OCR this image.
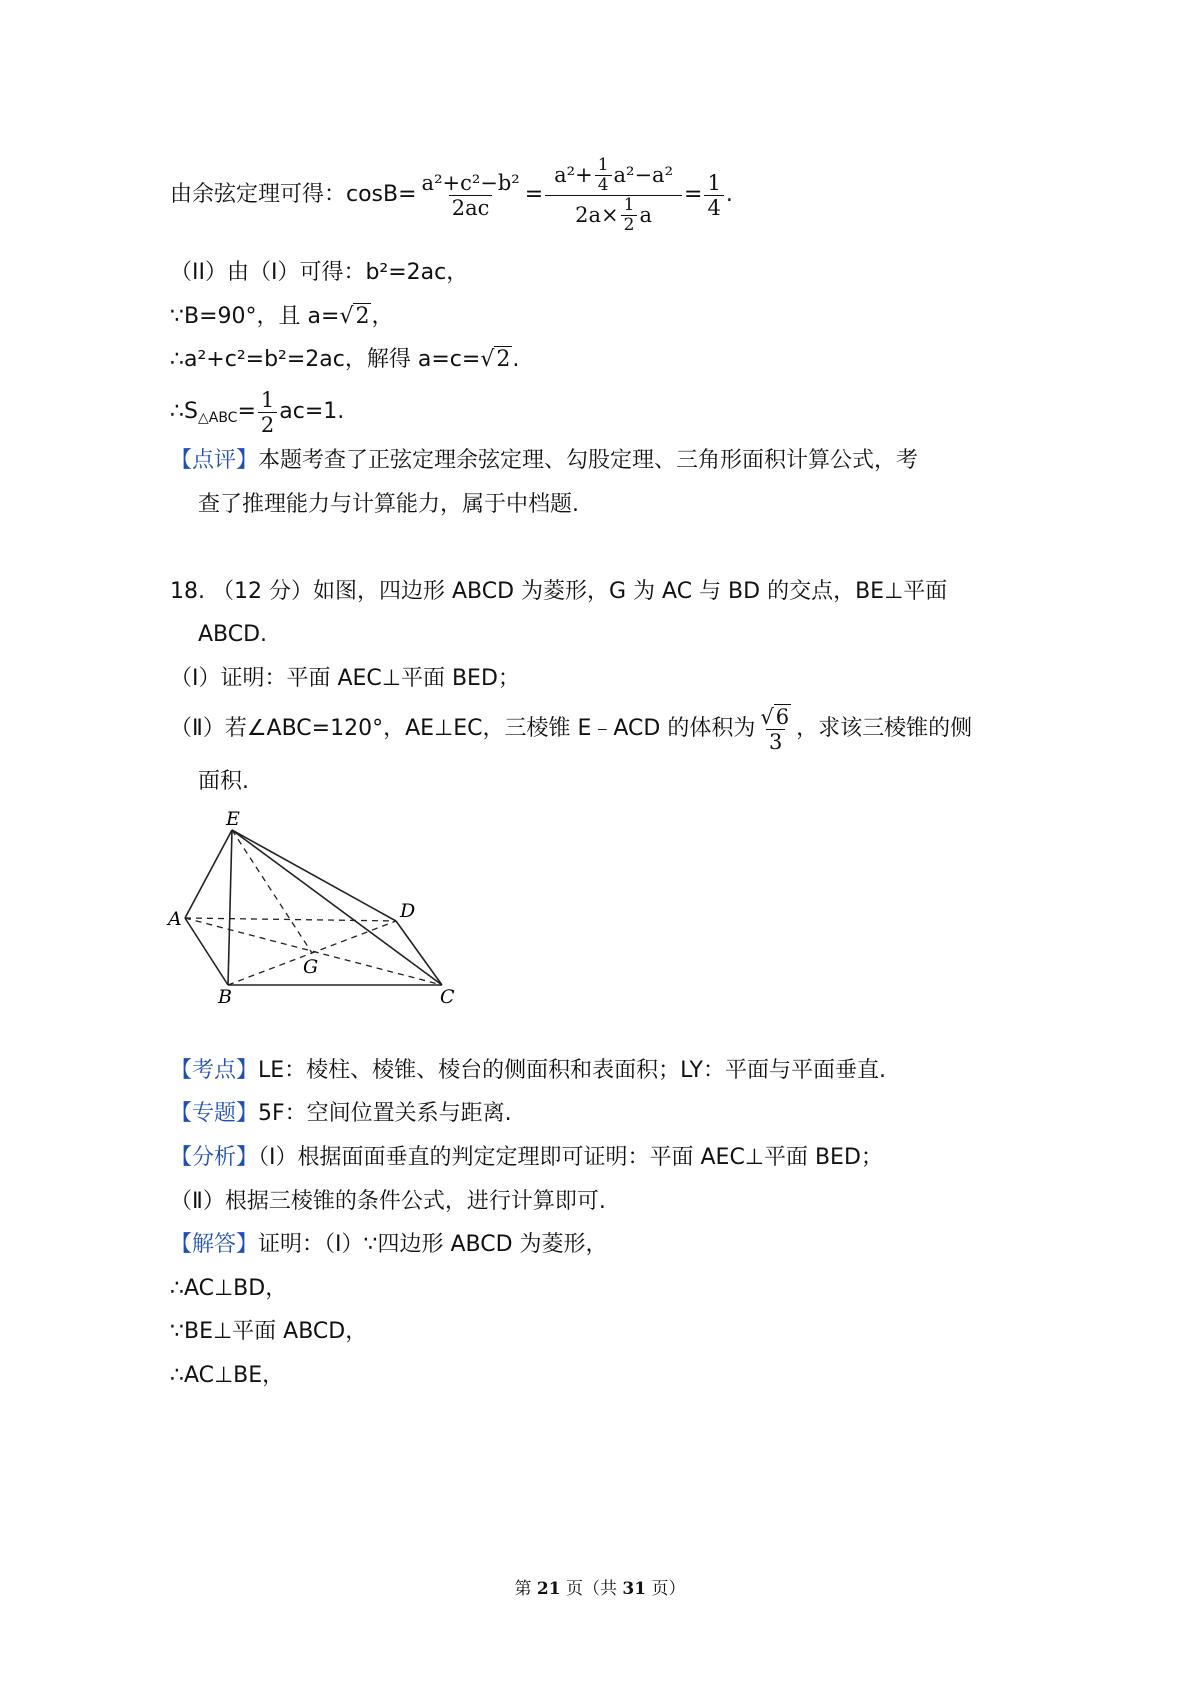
由余弦定理可得：$\cos B= \frac{\text{a²+c²−b²}}{2ac} = \frac{a^2+ \frac{1}{4} a^2-a^2}{2a\times \frac{1}{2} a} = \frac{1}{4}$ .
（II）由（I）可得：b²=2ac，
∵B=90°，且 a=√2，
∴a²+c²=b²=2ac，解得 a=c=√2.
∴S △ABC = $\frac{1}{2} ac=1$.
【点评】本题考查了正弦定理余弦定理、勾股定理、三角形面积计算公式，考
查了推理能力与计算能力，属于中档题.
18. （12 分）如图，四边形 ABCD 为菱形，G 为 AC 与 BD 的交点，BE⊥平面
ABCD.
（Ⅰ）证明：平面 AEC⊥平面 BED；
（Ⅱ）若∠ABC=120°，AE⊥EC，三棱锥 E﹣ACD 的体积为 $\frac{√6}{3}$ ，求该三棱锥的侧
面积.
E
A	D
G
B	C
【考点】LE：棱柱、棱锥、棱台的侧面积和表面积；LY：平面与平面垂直.
【专题】5F：空间位置关系与距离.
【分析】（Ⅰ）根据面面垂直的判定定理即可证明：平面 AEC⊥平面 BED；
（Ⅱ）根据三棱锥的条件公式，进行计算即可.
【解答】证明：（Ⅰ）∵四边形 ABCD 为菱形，
∴AC⊥BD，
∵BE⊥平面 ABCD，
∴AC⊥BE，
第 21 页（共 31 页）
